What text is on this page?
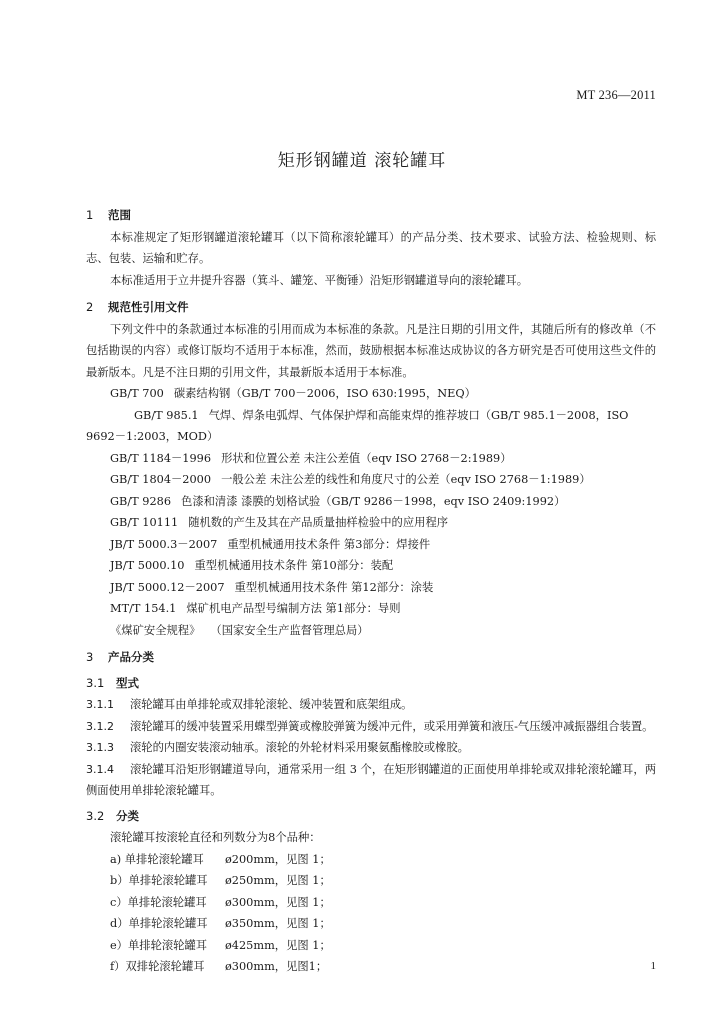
MT 236—2011
矩形钢罐道 滚轮罐耳
1 范围

本标准规定了矩形钢罐道滚轮罐耳（以下简称滚轮罐耳）的产品分类、技术要求、试验方法、检验规则、标志、包装、运输和贮存。

本标准适用于立井提升容器（箕斗、罐笼、平衡锤）沿矩形钢罐道导向的滚轮罐耳。

2 规范性引用文件

下列文件中的条款通过本标准的引用而成为本标准的条款。凡是注日期的引用文件，其随后所有的修改单（不包括勘误的内容）或修订版均不适用于本标准，然而，鼓励根据本标准达成协议的各方研究是否可使用这些文件的最新版本。凡是不注日期的引用文件，其最新版本适用于本标准。

GB/T 700 碳素结构钢（GB/T 700－2006，ISO 630:1995，NEQ）
GB/T 985.1 气焊、焊条电弧焊、气体保护焊和高能束焊的推荐坡口（GB/T 985.1－2008，ISO 9692－1:2003，MOD）
GB/T 1184－1996 形状和位置公差 未注公差值（eqv ISO 2768－2:1989）
GB/T 1804－2000 一般公差 未注公差的线性和角度尺寸的公差（eqv ISO 2768－1:1989）
GB/T 9286 色漆和清漆 漆膜的划格试验（GB/T 9286－1998，eqv ISO 2409:1992）
GB/T 10111 随机数的产生及其在产品质量抽样检验中的应用程序
JB/T 5000.3－2007 重型机械通用技术条件 第3部分：焊接件
JB/T 5000.10 重型机械通用技术条件 第10部分：装配
JB/T 5000.12－2007 重型机械通用技术条件 第12部分：涂装
MT/T 154.1 煤矿机电产品型号编制方法 第1部分：导则
《煤矿安全规程》 （国家安全生产监督管理总局）
3 产品分类
3.1 型式
3.1.1 滚轮罐耳由单排轮或双排轮滚轮、缓冲装置和底架组成。
3.1.2 滚轮罐耳的缓冲装置采用蝶型弹簧或橡胶弹簧为缓冲元件，或采用弹簧和液压-气压缓冲减振器组合装置。
3.1.3 滚轮的内圈安装滚动轴承。滚轮的外轮材料采用聚氨酯橡胶或橡胶。
3.1.4 滚轮罐耳沿矩形钢罐道导向，通常采用一组 3 个，在矩形钢罐道的正面使用单排轮或双排轮滚轮罐耳，两侧面使用单排轮滚轮罐耳。
3.2 分类

滚轮罐耳按滚轮直径和列数分为8个品种：

a) 单排轮滚轮罐耳 ø200mm，见图 1；
b）单排轮滚轮罐耳 ø250mm，见图 1；
c）单排轮滚轮罐耳 ø300mm，见图 1；
d）单排轮滚轮罐耳 ø350mm，见图 1；
e）单排轮滚轮罐耳 ø425mm，见图 1；
f）双排轮滚轮罐耳 ø300mm，见图1；	1
